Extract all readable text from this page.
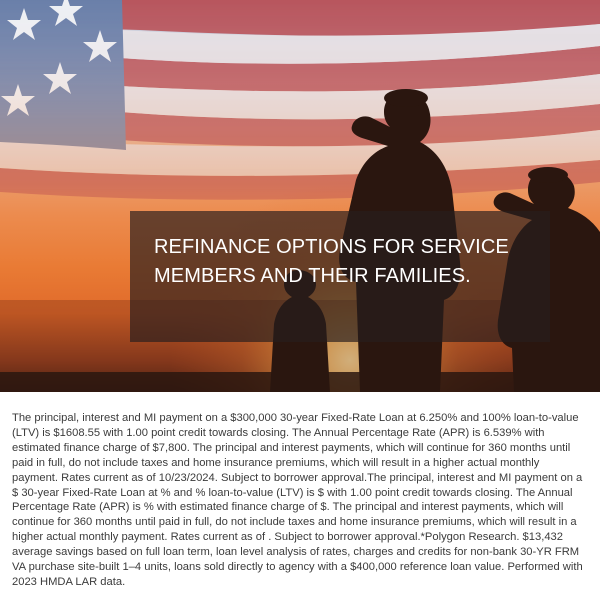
REFINANCE OPTIONS FOR SERVICE MEMBERS AND THEIR FAMILIES.

The principal, interest and MI payment on a $300,000 30-year Fixed-Rate Loan at 6.250% and 100% loan-to-value (LTV) is $1608.55 with 1.00 point credit towards closing. The Annual Percentage Rate (APR) is 6.539% with estimated finance charge of $7,800. The principal and interest payments, which will continue for 360 months until paid in full, do not include taxes and home insurance premiums, which will result in a higher actual monthly payment. Rates current as of 10/23/2024. Subject to borrower approval.The principal, interest and MI payment on a $ 30-year Fixed-Rate Loan at % and % loan-to-value (LTV) is $ with 1.00 point credit towards closing. The Annual Percentage Rate (APR) is % with estimated finance charge of $. The principal and interest payments, which will continue for 360 months until paid in full, do not include taxes and home insurance premiums, which will result in a higher actual monthly payment. Rates current as of . Subject to borrower approval.*Polygon Research. $13,432 average savings based on full loan term, loan level analysis of rates, charges and credits for non-bank 30-YR FRM VA purchase site-built 1–4 units, loans sold directly to agency with a $400,000 reference loan value. Performed with 2023 HMDA LAR data.
